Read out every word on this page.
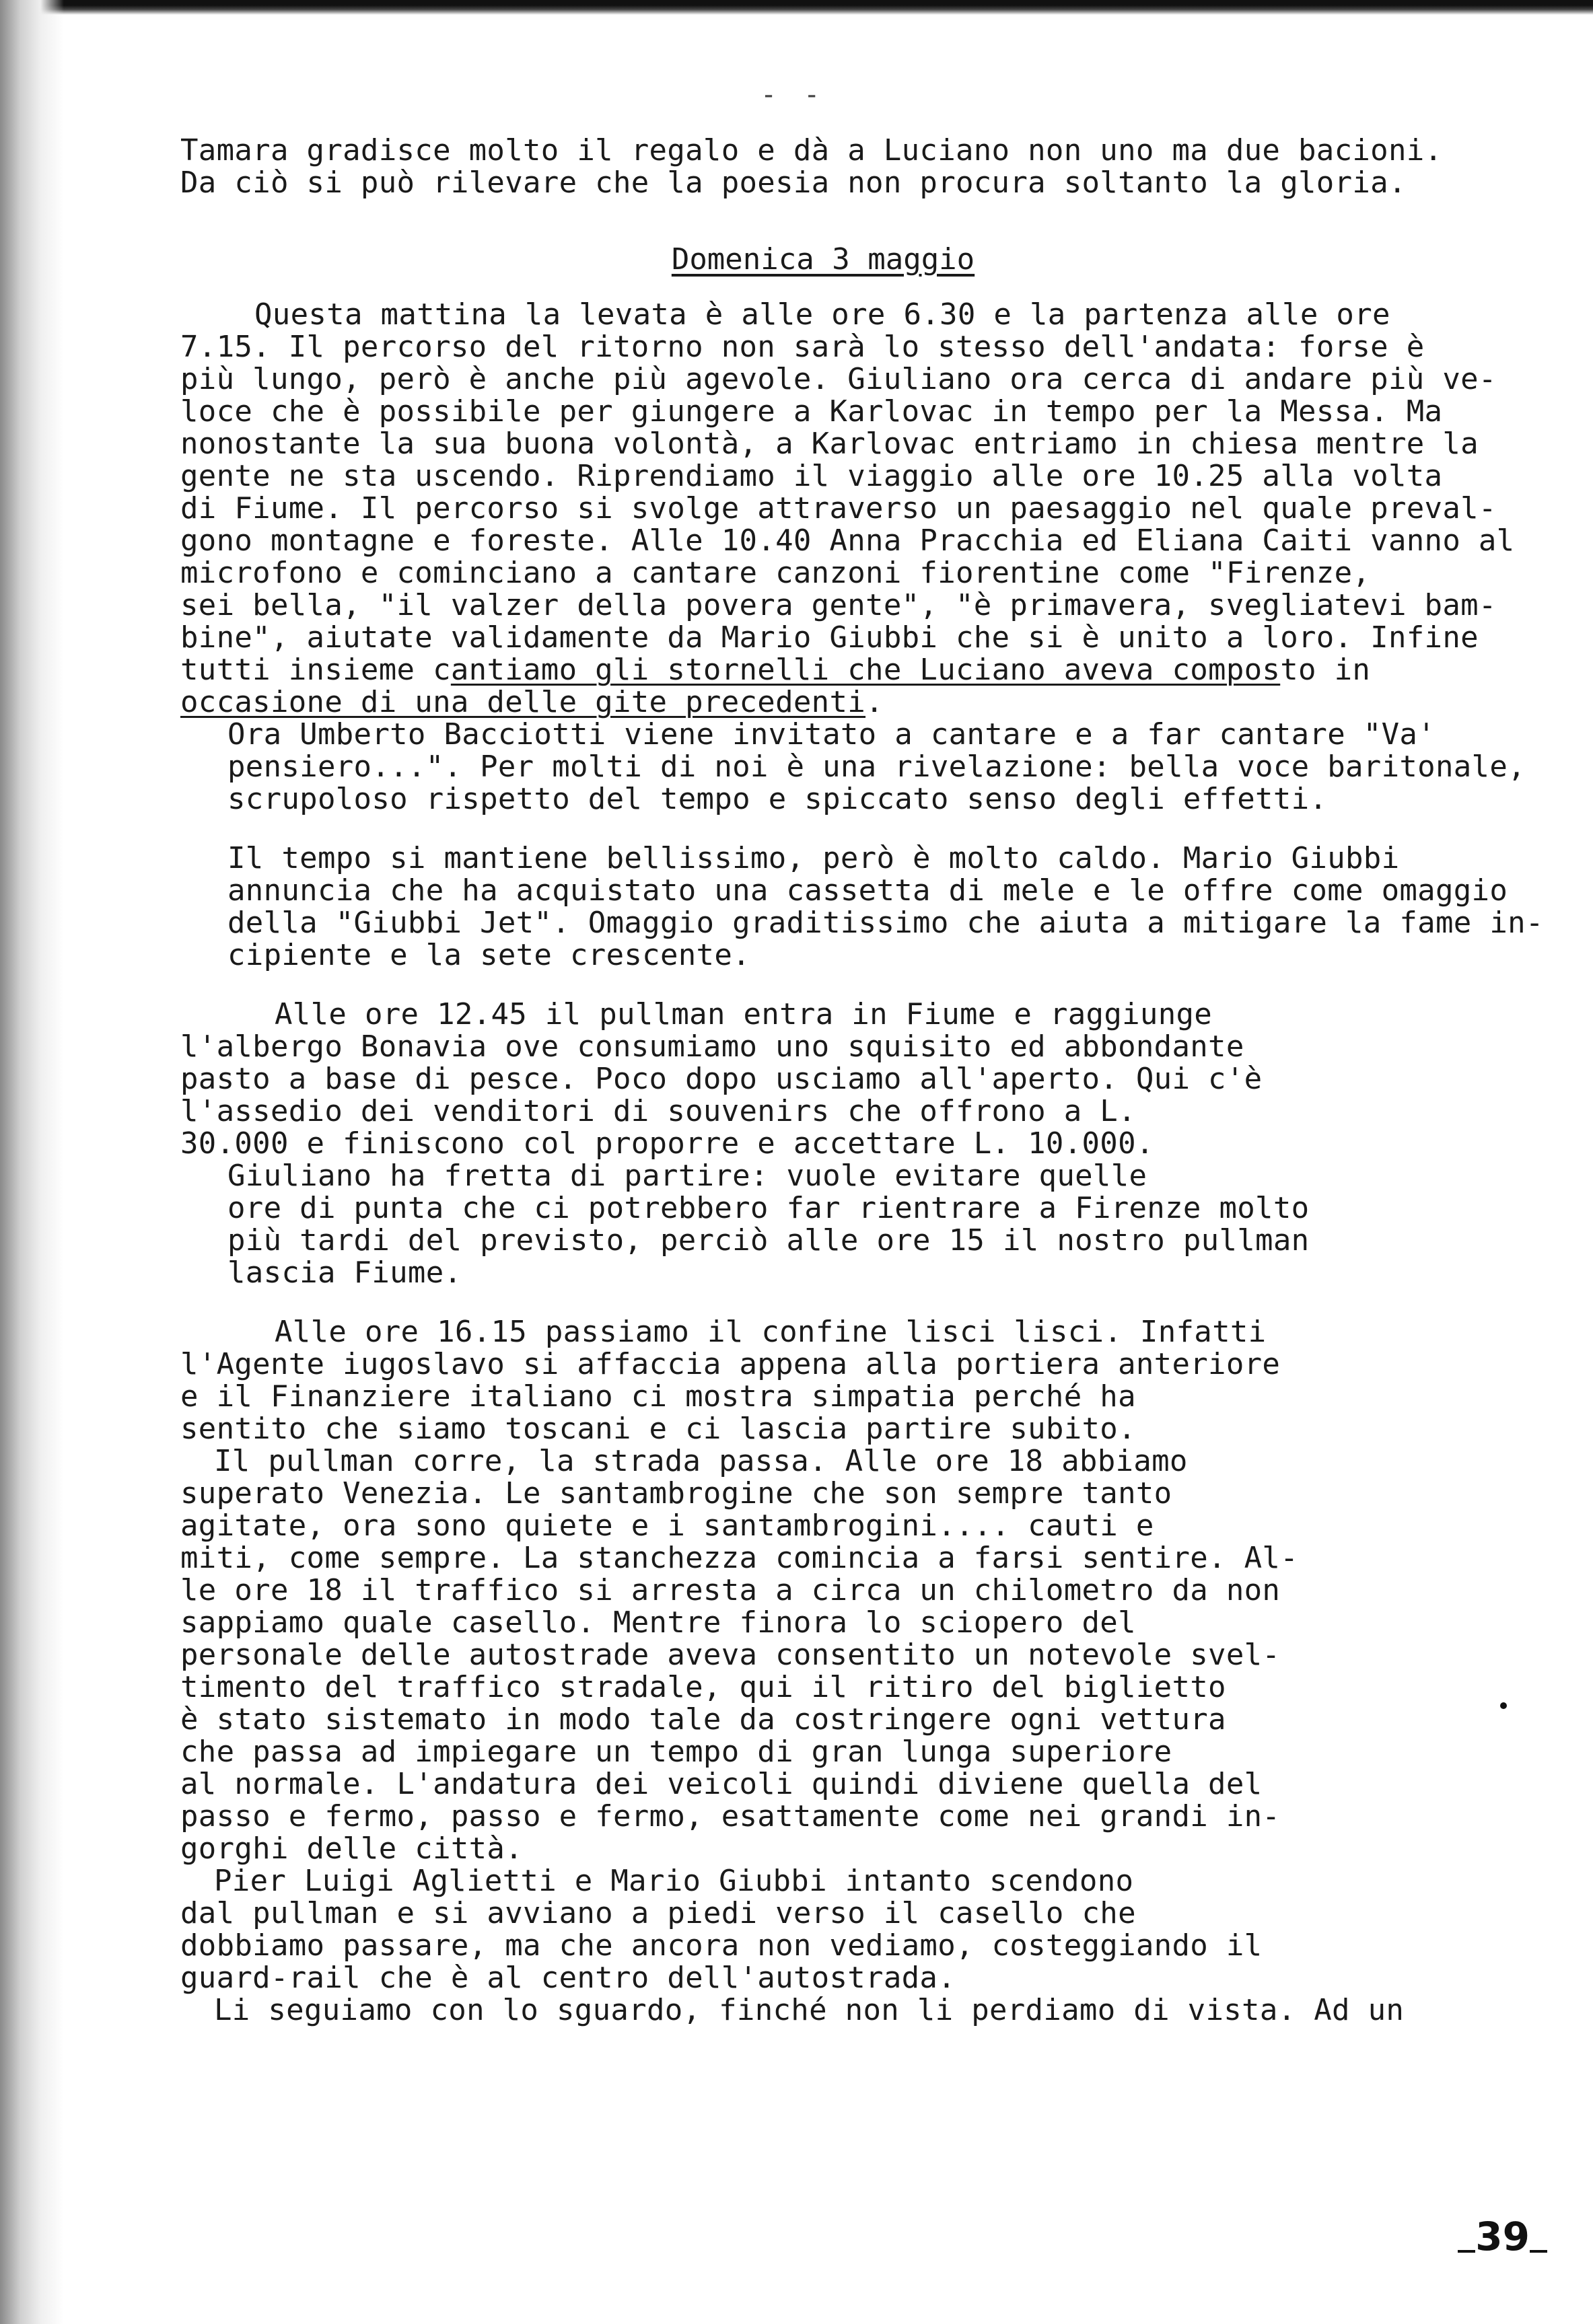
- -
Tamara gradisce molto il regalo e dà a Luciano non uno ma due bacioni.
Da ciò si può rilevare che la poesia non procura soltanto la gloria.
Domenica 3 maggio
Questa mattina la levata è alle ore 6.30 e la partenza alle ore
7.15. Il percorso del ritorno non sarà lo stesso dell'andata: forse è
più lungo, però è anche più agevole. Giuliano ora cerca di andare più ve-
loce che è possibile per giungere a Karlovac in tempo per la Messa. Ma
nonostante la sua buona volontà, a Karlovac entriamo in chiesa mentre la
gente ne sta uscendo. Riprendiamo il viaggio alle ore 10.25 alla volta
di Fiume. Il percorso si svolge attraverso un paesaggio nel quale preval-
gono montagne e foreste. Alle 10.40 Anna Pracchia ed Eliana Caiti vanno al
microfono e cominciano a cantare canzoni fiorentine come "Firenze,
sei bella, "il valzer della povera gente", "è primavera, svegliatevi bam-
bine", aiutate validamente da Mario Giubbi che si è unito a loro. Infine
tutti insieme cantiamo gli stornelli che Luciano aveva composto in
occasione di una delle gite precedenti.
Ora Umberto Bacciotti viene invitato a cantare e a far cantare "Va'
pensiero...". Per molti di noi è una rivelazione: bella voce baritonale,
scrupoloso rispetto del tempo e spiccato senso degli effetti.
Il tempo si mantiene bellissimo, però è molto caldo. Mario Giubbi
annuncia che ha acquistato una cassetta di mele e le offre come omaggio
della "Giubbi Jet". Omaggio graditissimo che aiuta a mitigare la fame in-
cipiente e la sete crescente.
Alle ore 12.45 il pullman entra in Fiume e raggiunge
l'albergo Bonavia ove consumiamo uno squisito ed abbondante
pasto a base di pesce. Poco dopo usciamo all'aperto. Qui c'è
l'assedio dei venditori di souvenirs che offrono a L.
30.000 e finiscono col proporre e accettare L. 10.000.
Giuliano ha fretta di partire: vuole evitare quelle
ore di punta che ci potrebbero far rientrare a Firenze molto
più tardi del previsto, perciò alle ore 15 il nostro pullman
lascia Fiume.
Alle ore 16.15 passiamo il confine lisci lisci. Infatti
l'Agente iugoslavo si affaccia appena alla portiera anteriore
e il Finanziere italiano ci mostra simpatia perché ha
sentito che siamo toscani e ci lascia partire subito.
Il pullman corre, la strada passa. Alle ore 18 abbiamo
superato Venezia. Le santambrogine che son sempre tanto
agitate, ora sono quiete e i santambrogini.... cauti e
miti, come sempre. La stanchezza comincia a farsi sentire. Al-
le ore 18 il traffico si arresta a circa un chilometro da non
sappiamo quale casello. Mentre finora lo sciopero del
personale delle autostrade aveva consentito un notevole svel-
timento del traffico stradale, qui il ritiro del biglietto
è stato sistemato in modo tale da costringere ogni vettura
che passa ad impiegare un tempo di gran lunga superiore
al normale. L'andatura dei veicoli quindi diviene quella del
passo e fermo, passo e fermo, esattamente come nei grandi in-
gorghi delle città.
Pier Luigi Aglietti e Mario Giubbi intanto scendono
dal pullman e si avviano a piedi verso il casello che
dobbiamo passare, ma che ancora non vediamo, costeggiando il
guard-rail che è al centro dell'autostrada.
Li seguiamo con lo sguardo, finché non li perdiamo di vista. Ad un
39
